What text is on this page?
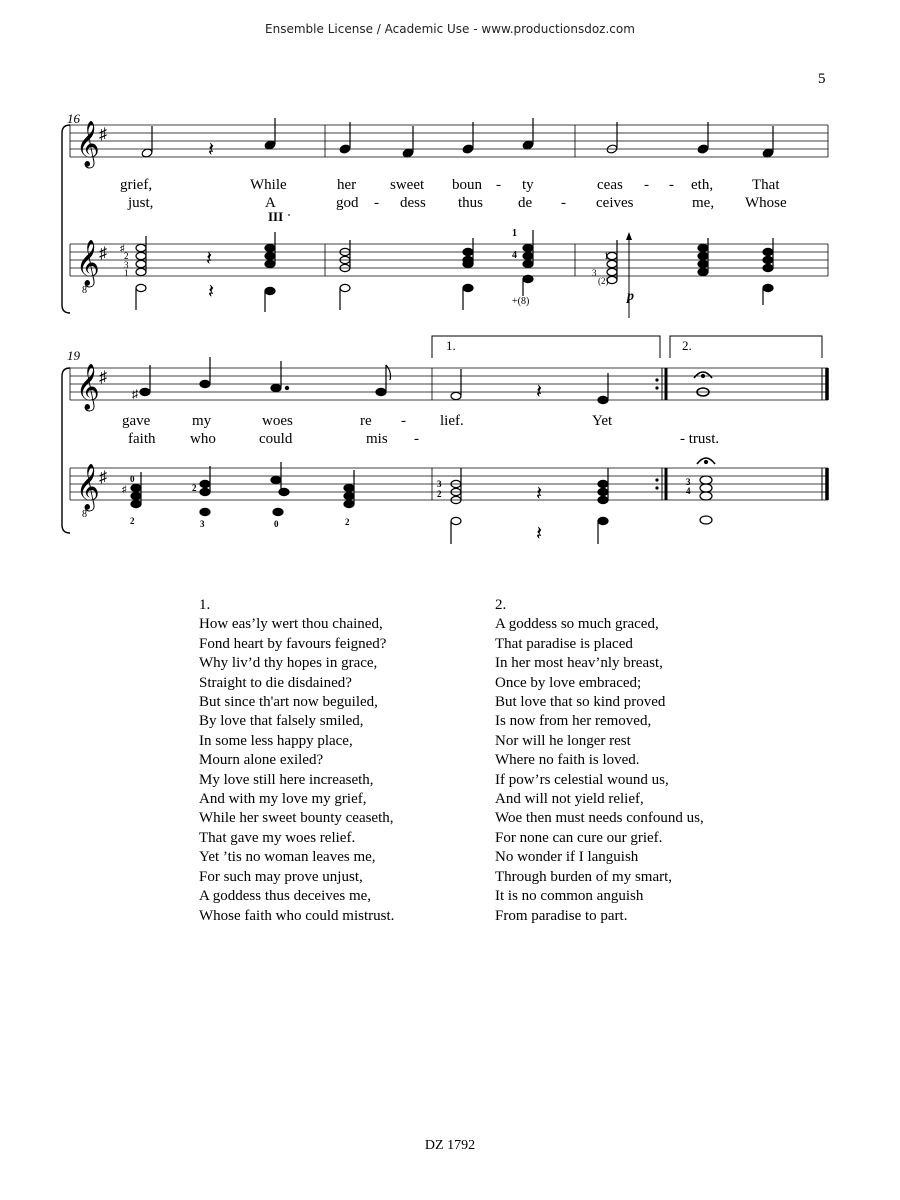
Ensemble License / Academic Use - www.productionsdoz.com
5
16
𝄞 ♯
𝄞 ♯
8
𝄽
grief,	While	her sweet boun - ty	ceas - - eth,	That
just,	A	god - dess thus de - ceives	me, Whose
III
𝄽
𝄽
♯
2
3
1
1
3
(2)
1
4
+(8)	p
1.	2.
19
𝄞 ♯
𝄞 ♯
8
♯	𝄽
gave	my	woes	re - lief.	Yet
faith who	could	mis -	- trust.
𝄽
𝄽
♯
0
2
2
3	0	2
3
2
3
4
1.
How eas’ly wert thou chained,
Fond heart by favours feigned?
Why liv’d thy hopes in grace,
Straight to die disdained?
But since th'art now beguiled,
By love that falsely smiled,
In some less happy place,
Mourn alone exiled?
My love still here increaseth,
And with my love my grief,
While her sweet bounty ceaseth,
That gave my woes relief.
Yet ’tis no woman leaves me,
For such may prove unjust,
A goddess thus deceives me,
Whose faith who could mistrust.
2.
A goddess so much graced,
That paradise is placed
In her most heav’nly breast,
Once by love embraced;
But love that so kind proved
Is now from her removed,
Nor will he longer rest
Where no faith is loved.
If pow’rs celestial wound us,
And will not yield relief,
Woe then must needs confound us,
For none can cure our grief.
No wonder if I languish
Through burden of my smart,
It is no common anguish
From paradise to part.
DZ 1792
